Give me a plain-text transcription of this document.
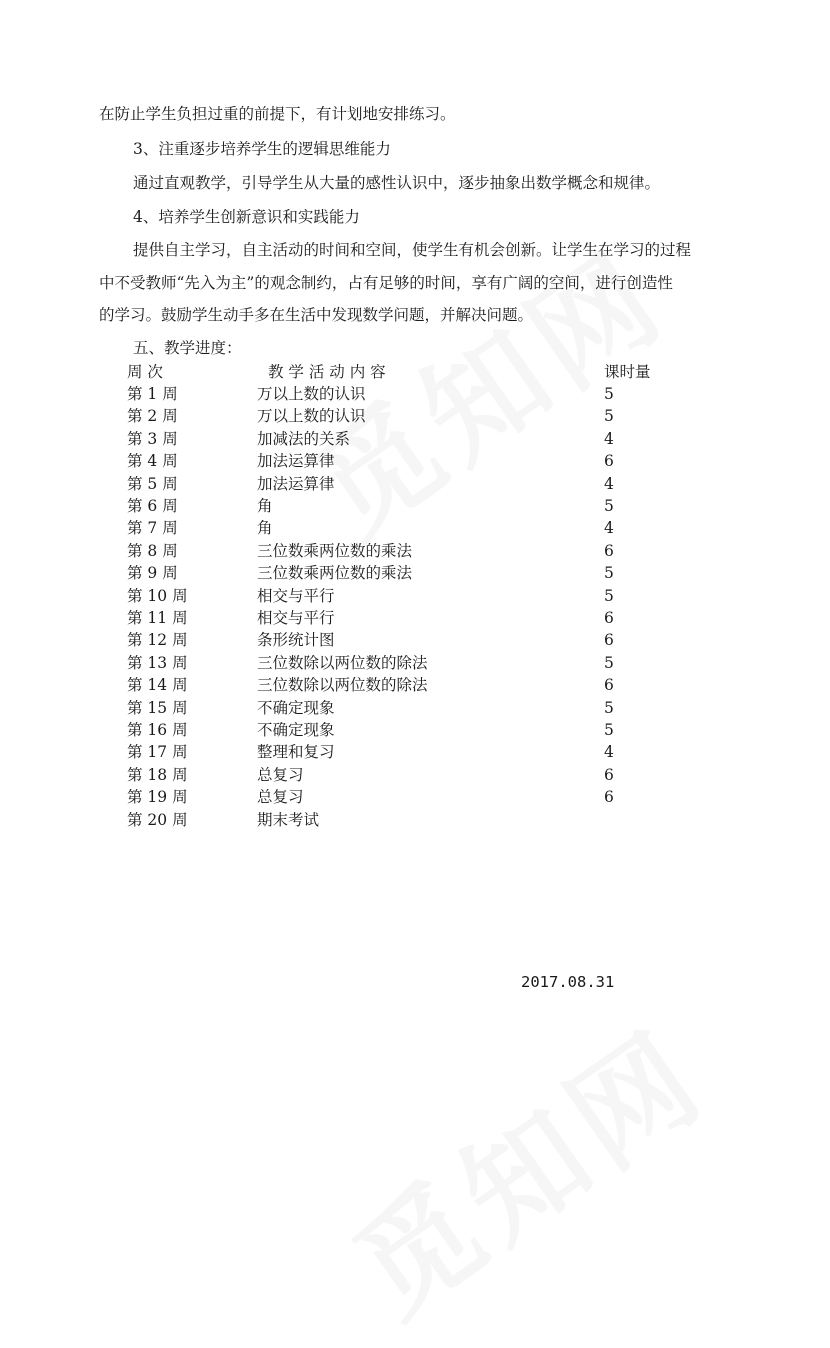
在防止学生负担过重的前提下，有计划地安排练习。
3、注重逐步培养学生的逻辑思维能力
通过直观教学，引导学生从大量的感性认识中，逐步抽象出数学概念和规律。
4、培养学生创新意识和实践能力
提供自主学习，自主活动的时间和空间，使学生有机会创新。让学生在学习的过程
中不受教师“先入为主”的观念制约，占有足够的时间，享有广阔的空间，进行创造性
的学习。鼓励学生动手多在生活中发现数学问题，并解决问题。
五、教学进度：
周 次	教 学 活 动 内 容	课时量
第 1 周	万以上数的认识	5
第 2 周	万以上数的认识	5
第 3 周	加减法的关系	4
第 4 周	加法运算律	6
第 5 周	加法运算律	4
第 6 周	角	5
第 7 周	角	4
第 8 周	三位数乘两位数的乘法	6
第 9 周	三位数乘两位数的乘法	5
第 10 周	相交与平行	5
第 11 周	相交与平行	6
第 12 周	条形统计图	6
第 13 周	三位数除以两位数的除法	5
第 14 周	三位数除以两位数的除法	6
第 15 周	不确定现象	5
第 16 周	不确定现象	5
第 17 周	整理和复习	4
第 18 周	总复习	6
第 19 周	总复习	6
第 20 周	期末考试
2017.08.31
